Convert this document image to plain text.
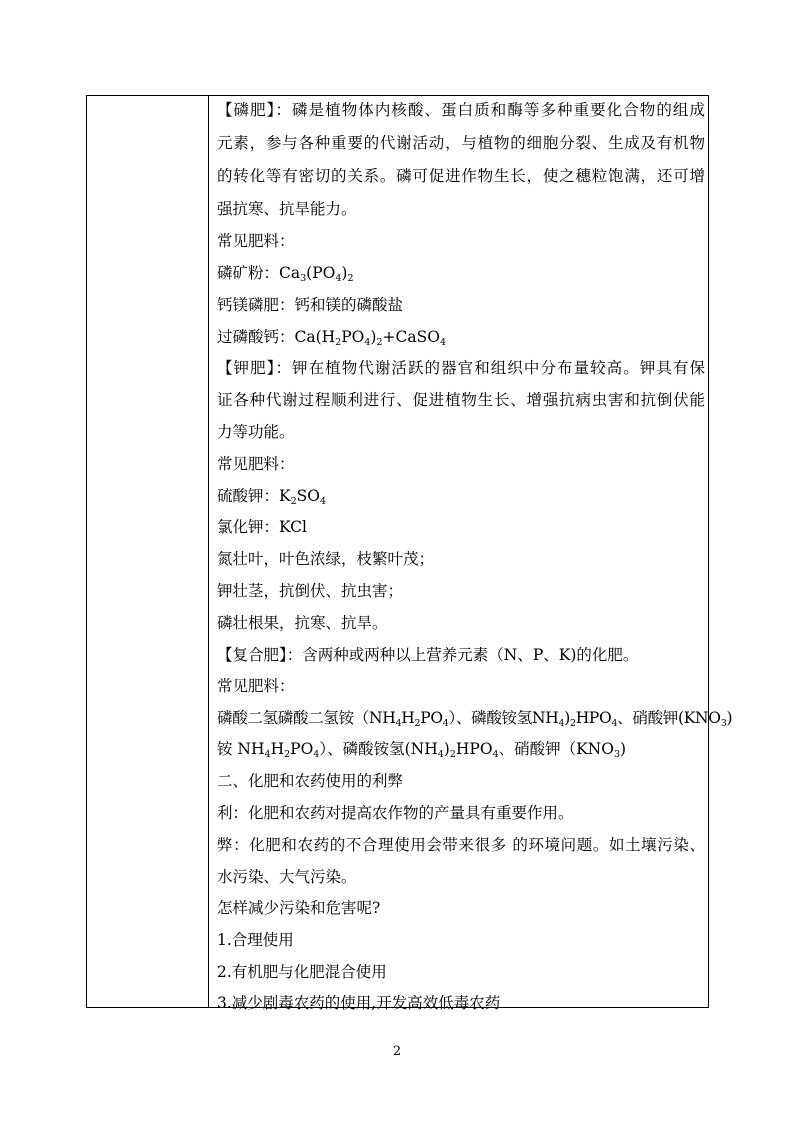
【磷肥】：磷是植物体内核酸、蛋白质和酶等多种重要化合物的组成
元素，参与各种重要的代谢活动，与植物的细胞分裂、生成及有机物
的转化等有密切的关系。磷可促进作物生长，使之穗粒饱满，还可增
强抗寒、抗旱能力。
常见肥料：
磷矿粉：Ca3(PO4)2
钙镁磷肥：钙和镁的磷酸盐
过磷酸钙：Ca(H2PO4)2+CaSO4
【钾肥】：钾在植物代谢活跃的器官和组织中分布量较高。钾具有保
证各种代谢过程顺利进行、促进植物生长、增强抗病虫害和抗倒伏能
力等功能。
常见肥料：
硫酸钾：K2SO4
氯化钾：KCl
氮壮叶，叶色浓绿，枝繁叶茂；
钾壮茎，抗倒伏、抗虫害；
磷壮根果，抗寒、抗旱。
【复合肥】：含两种或两种以上营养元素（N、P、K)的化肥。
常见肥料：
磷酸二氢磷酸二氢铵（NH4H2PO4）、磷酸铵氢NH4)2HPO4、硝酸钾(KNO3)
铵 NH4H2PO4）、磷酸铵氢(NH4)2HPO4、硝酸钾（KNO3)
二、化肥和农药使用的利弊
利：化肥和农药对提高农作物的产量具有重要作用。
弊：化肥和农药的不合理使用会带来很多 的环境问题。如土壤污染、
水污染、大气污染。
怎样减少污染和危害呢?
1.合理使用
2.有机肥与化肥混合使用
3.减少剧毒农药的使用,开发高效低毒农药
2
